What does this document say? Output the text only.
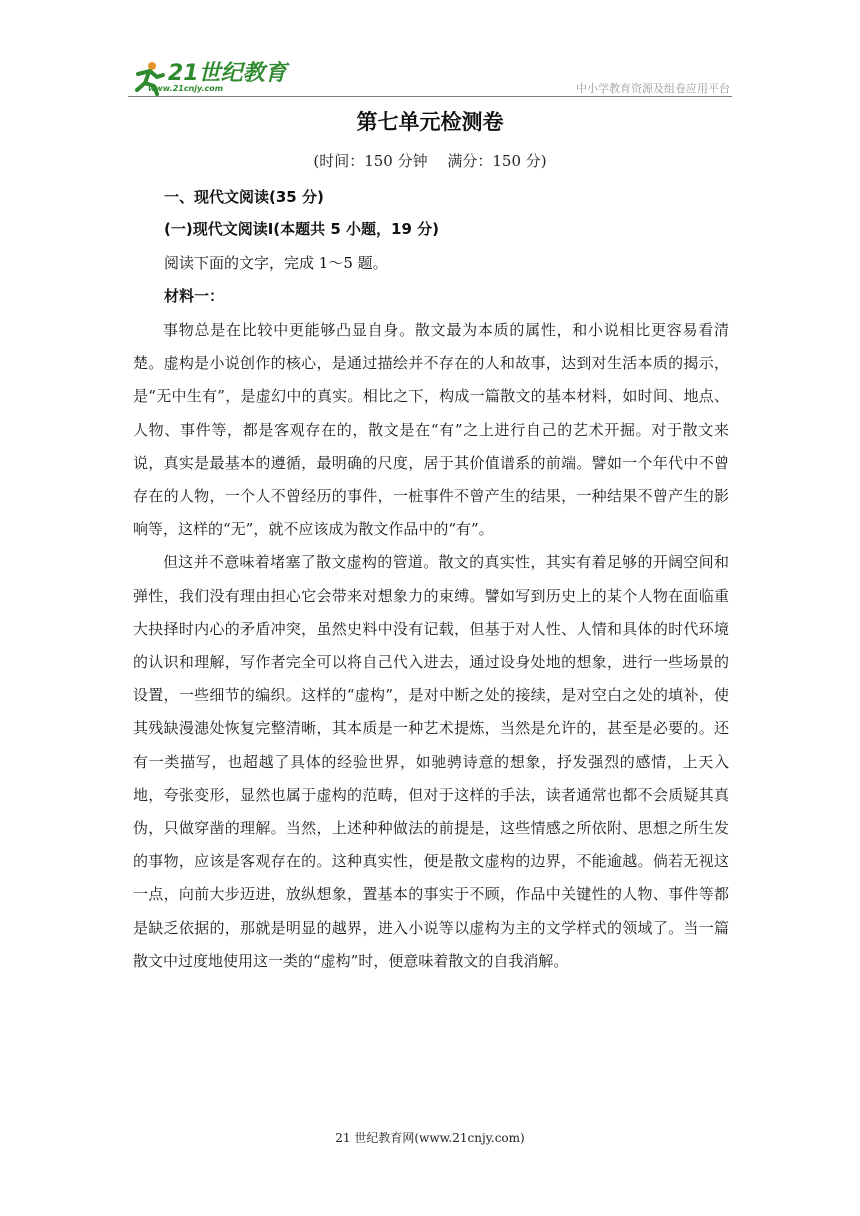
21世纪教育
www.21cnjy.com	中小学教育资源及组卷应用平台
第七单元检测卷
(时间：150 分钟　 满分：150 分)
一、现代文阅读(35 分)
(一)现代文阅读Ⅰ(本题共 5 小题，19 分)
阅读下面的文字，完成 1～5 题。
材料一：

事物总是在比较中更能够凸显自身。散文最为本质的属性，和小说相比更容易看清楚。虚构是小说创作的核心，是通过描绘并不存在的人和故事，达到对生活本质的揭示，是“无中生有”，是虚幻中的真实。相比之下，构成一篇散文的基本材料，如时间、地点、人物、事件等，都是客观存在的，散文是在“有”之上进行自己的艺术开掘。对于散文来说，真实是最基本的遵循，最明确的尺度，居于其价值谱系的前端。譬如一个年代中不曾存在的人物，一个人不曾经历的事件，一桩事件不曾产生的结果，一种结果不曾产生的影响等，这样的“无”，就不应该成为散文作品中的“有”。

但这并不意味着堵塞了散文虚构的管道。散文的真实性，其实有着足够的开阔空间和弹性，我们没有理由担心它会带来对想象力的束缚。譬如写到历史上的某个人物在面临重大抉择时内心的矛盾冲突，虽然史料中没有记载，但基于对人性、人情和具体的时代环境的认识和理解，写作者完全可以将自己代入进去，通过设身处地的想象，进行一些场景的设置，一些细节的编织。这样的“虚构”，是对中断之处的接续，是对空白之处的填补，使其残缺漫漶处恢复完整清晰，其本质是一种艺术提炼，当然是允许的，甚至是必要的。还有一类描写，也超越了具体的经验世界，如驰骋诗意的想象，抒发强烈的感情，上天入地，夸张变形，显然也属于虚构的范畴，但对于这样的手法，读者通常也都不会质疑其真伪，只做穿凿的理解。当然，上述种种做法的前提是，这些情感之所依附、思想之所生发的事物，应该是客观存在的。这种真实性，便是散文虚构的边界，不能逾越。倘若无视这一点，向前大步迈进，放纵想象，置基本的事实于不顾，作品中关键性的人物、事件等都是缺乏依据的，那就是明显的越界，进入小说等以虚构为主的文学样式的领域了。当一篇散文中过度地使用这一类的“虚构”时，便意味着散文的自我消解。

21 世纪教育网(www.21cnjy.com)
